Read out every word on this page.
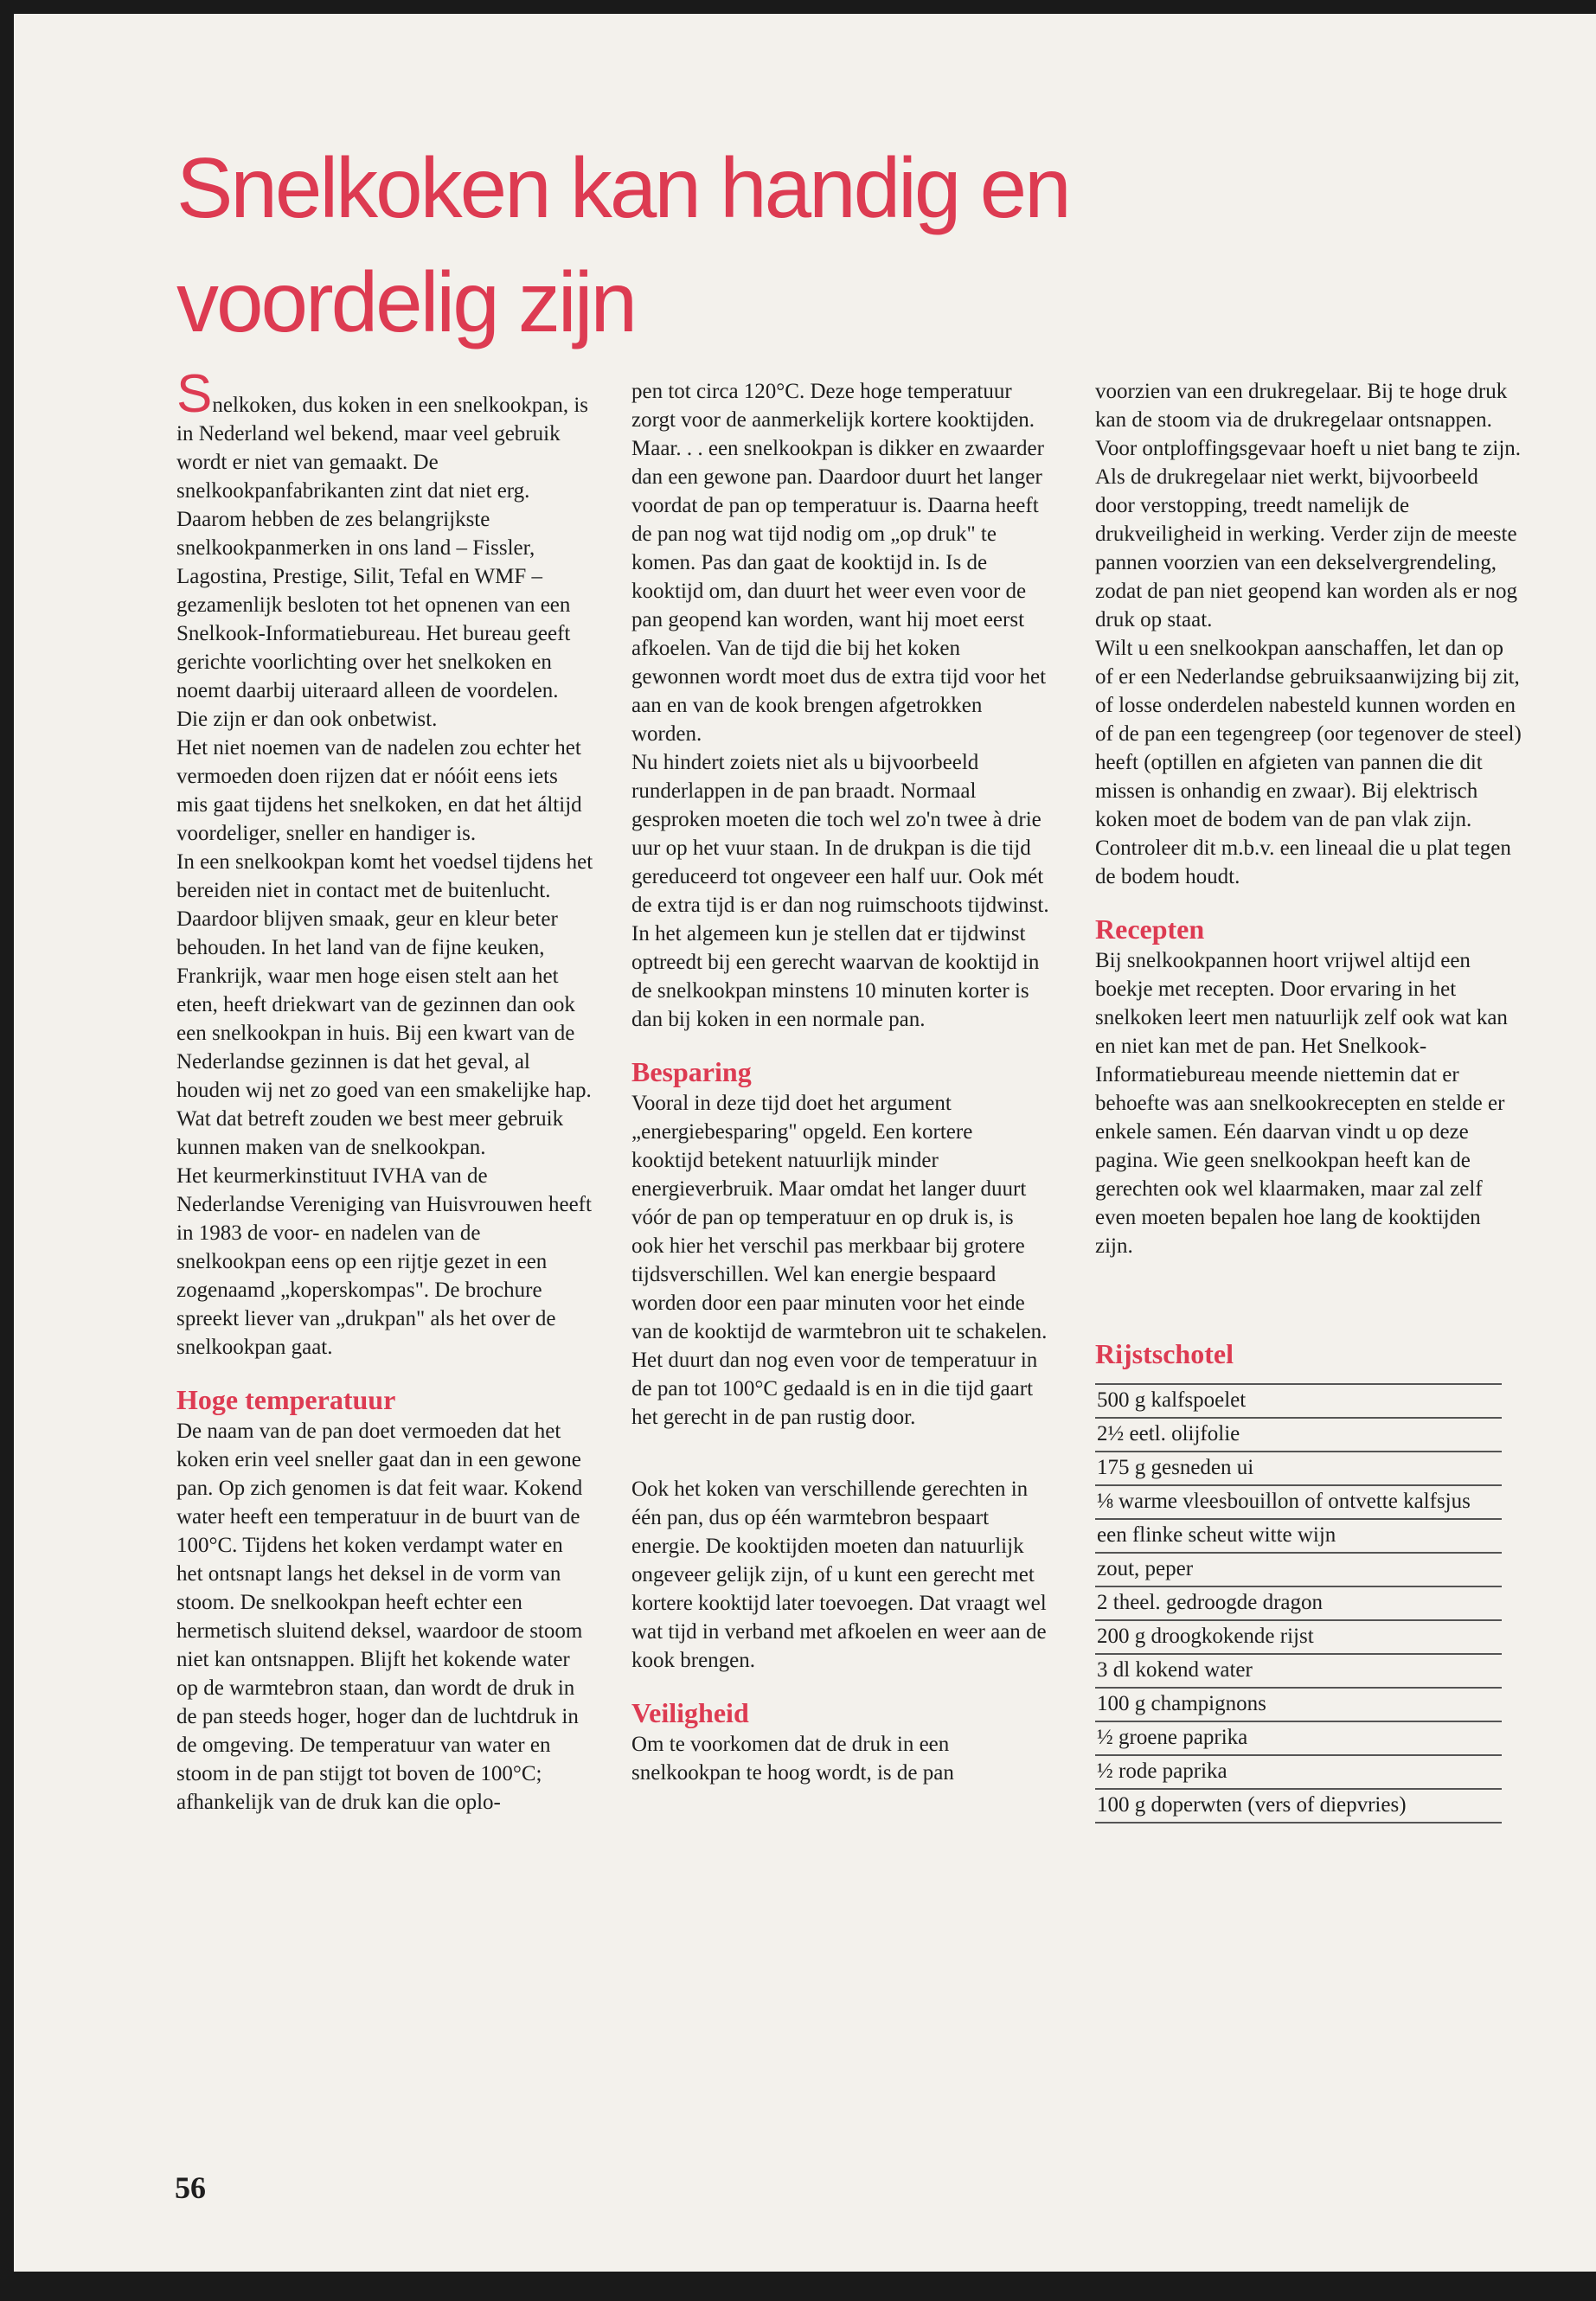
Snelkoken kan handig en voordelig zijn

Snelkoken, dus koken in een snelkookpan, is in Nederland wel bekend, maar veel gebruik wordt er niet van gemaakt. De snelkookpanfabrikanten zint dat niet erg. Daarom hebben de zes belangrijkste snelkookpanmerken in ons land – Fissler, Lagostina, Prestige, Silit, Tefal en WMF – gezamenlijk besloten tot het opnenen van een Snelkook-Informatiebureau. Het bureau geeft gerichte voorlichting over het snelkoken en noemt daarbij uiteraard alleen de voordelen. Die zijn er dan ook onbetwist.

Het niet noemen van de nadelen zou echter het vermoeden doen rijzen dat er nóóit eens iets mis gaat tijdens het snelkoken, en dat het áltijd voordeliger, sneller en handiger is.

In een snelkookpan komt het voedsel tijdens het bereiden niet in contact met de buitenlucht. Daardoor blijven smaak, geur en kleur beter behouden. In het land van de fijne keuken, Frankrijk, waar men hoge eisen stelt aan het eten, heeft driekwart van de gezinnen dan ook een snelkookpan in huis. Bij een kwart van de Nederlandse gezinnen is dat het geval, al houden wij net zo goed van een smakelijke hap. Wat dat betreft zouden we best meer gebruik kunnen maken van de snelkookpan.

Het keurmerkinstituut IVHA van de Nederlandse Vereniging van Huisvrouwen heeft in 1983 de voor- en nadelen van de snelkookpan eens op een rijtje gezet in een zogenaamd „koperskompas". De brochure spreekt liever van „drukpan" als het over de snelkookpan gaat.

Hoge temperatuur

De naam van de pan doet vermoeden dat het koken erin veel sneller gaat dan in een gewone pan. Op zich genomen is dat feit waar. Kokend water heeft een temperatuur in de buurt van de 100°C. Tijdens het koken verdampt water en het ontsnapt langs het deksel in de vorm van stoom. De snelkookpan heeft echter een hermetisch sluitend deksel, waardoor de stoom niet kan ontsnappen. Blijft het kokende water op de warmtebron staan, dan wordt de druk in de pan steeds hoger, hoger dan de luchtdruk in de omgeving. De temperatuur van water en stoom in de pan stijgt tot boven de 100°C; afhankelijk van de druk kan die oplo-

pen tot circa 120°C. Deze hoge temperatuur zorgt voor de aanmerkelijk kortere kooktijden.

Maar. . . een snelkookpan is dikker en zwaarder dan een gewone pan. Daardoor duurt het langer voordat de pan op temperatuur is. Daarna heeft de pan nog wat tijd nodig om „op druk" te komen. Pas dan gaat de kooktijd in. Is de kooktijd om, dan duurt het weer even voor de pan geopend kan worden, want hij moet eerst afkoelen. Van de tijd die bij het koken gewonnen wordt moet dus de extra tijd voor het aan en van de kook brengen afgetrokken worden.

Nu hindert zoiets niet als u bijvoorbeeld runderlappen in de pan braadt. Normaal gesproken moeten die toch wel zo'n twee à drie uur op het vuur staan. In de drukpan is die tijd gereduceerd tot ongeveer een half uur. Ook mét de extra tijd is er dan nog ruimschoots tijdwinst. In het algemeen kun je stellen dat er tijdwinst optreedt bij een gerecht waarvan de kooktijd in de snelkookpan minstens 10 minuten korter is dan bij koken in een normale pan.

Besparing

Vooral in deze tijd doet het argument „energiebesparing" opgeld. Een kortere kooktijd betekent natuurlijk minder energieverbruik. Maar omdat het langer duurt vóór de pan op temperatuur en op druk is, is ook hier het verschil pas merkbaar bij grotere tijdsverschillen. Wel kan energie bespaard worden door een paar minuten voor het einde van de kooktijd de warmtebron uit te schakelen. Het duurt dan nog even voor de temperatuur in de pan tot 100°C gedaald is en in die tijd gaart het gerecht in de pan rustig door.

Ook het koken van verschillende gerechten in één pan, dus op één warmtebron bespaart energie. De kooktijden moeten dan natuurlijk ongeveer gelijk zijn, of u kunt een gerecht met kortere kooktijd later toevoegen. Dat vraagt wel wat tijd in verband met afkoelen en weer aan de kook brengen.

Veiligheid

Om te voorkomen dat de druk in een snelkookpan te hoog wordt, is de pan

voorzien van een drukregelaar. Bij te hoge druk kan de stoom via de drukregelaar ontsnappen. Voor ontploffingsgevaar hoeft u niet bang te zijn. Als de drukregelaar niet werkt, bijvoorbeeld door verstopping, treedt namelijk de drukveiligheid in werking. Verder zijn de meeste pannen voorzien van een dekselvergrendeling, zodat de pan niet geopend kan worden als er nog druk op staat.

Wilt u een snelkookpan aanschaffen, let dan op of er een Nederlandse gebruiksaanwijzing bij zit, of losse onderdelen nabesteld kunnen worden en of de pan een tegengreep (oor tegenover de steel) heeft (optillen en afgieten van pannen die dit missen is onhandig en zwaar). Bij elektrisch koken moet de bodem van de pan vlak zijn. Controleer dit m.b.v. een lineaal die u plat tegen de bodem houdt.

Recepten

Bij snelkookpannen hoort vrijwel altijd een boekje met recepten. Door ervaring in het snelkoken leert men natuurlijk zelf ook wat kan en niet kan met de pan. Het Snelkook-Informatiebureau meende niettemin dat er behoefte was aan snelkookrecepten en stelde er enkele samen. Eén daarvan vindt u op deze pagina. Wie geen snelkookpan heeft kan de gerechten ook wel klaarmaken, maar zal zelf even moeten bepalen hoe lang de kooktijden zijn.

Rijstschotel
500 g kalfspoelet
2½ eetl. olijfolie
175 g gesneden ui
⅛ warme vleesbouillon of ontvette kalfsjus
een flinke scheut witte wijn
zout, peper
2 theel. gedroogde dragon
200 g droogkokende rijst
3 dl kokend water
100 g champignons
½ groene paprika
½ rode paprika
100 g doperwten (vers of diepvries)

56
